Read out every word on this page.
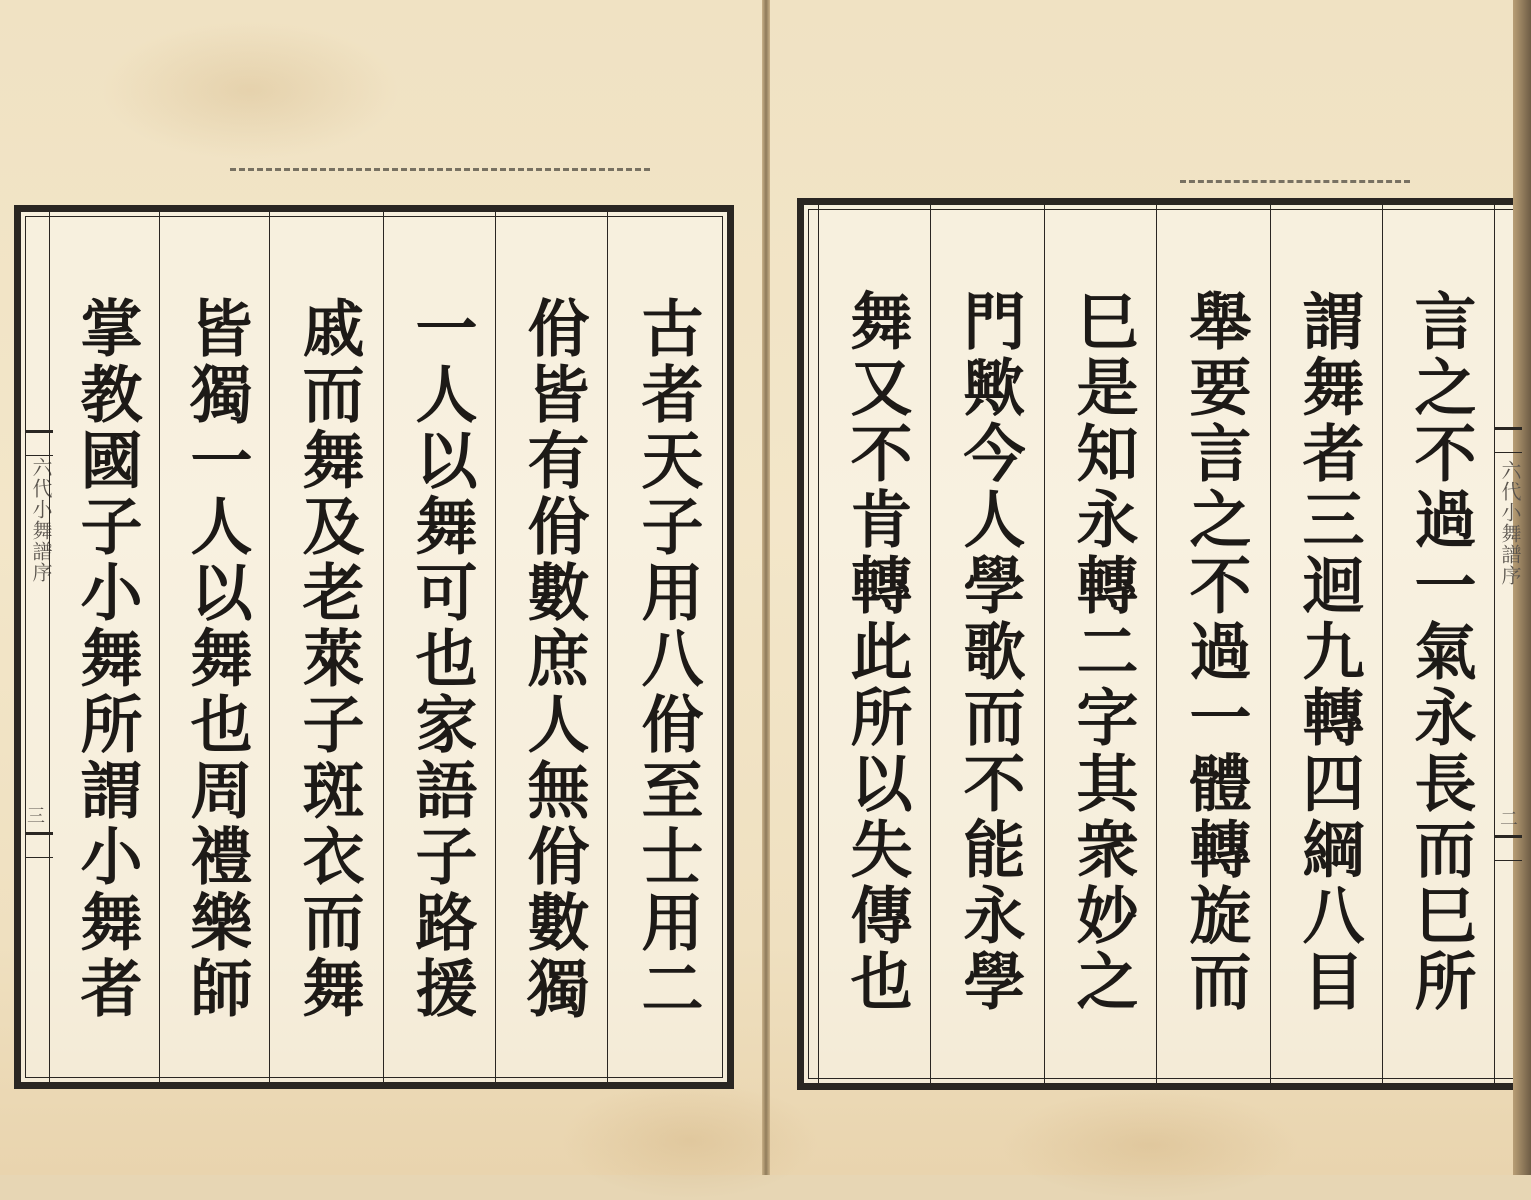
六代小舞譜序	古者天子用八佾至士用二
佾皆有佾數庶人無佾數獨
一人以舞可也家語子路援
戚而舞及老萊子斑衣而舞
皆獨一人以舞也周禮樂師
掌教國子小舞所謂小舞者
三	言之不過一氣永長而巳所
謂舞者三迴九轉四綱八目
舉要言之不過一體轉旋而
巳是知永轉二字其衆妙之
門歟今人學歌而不能永學
舞又不肯轉此所以失傳也	六代小舞譜序
二
